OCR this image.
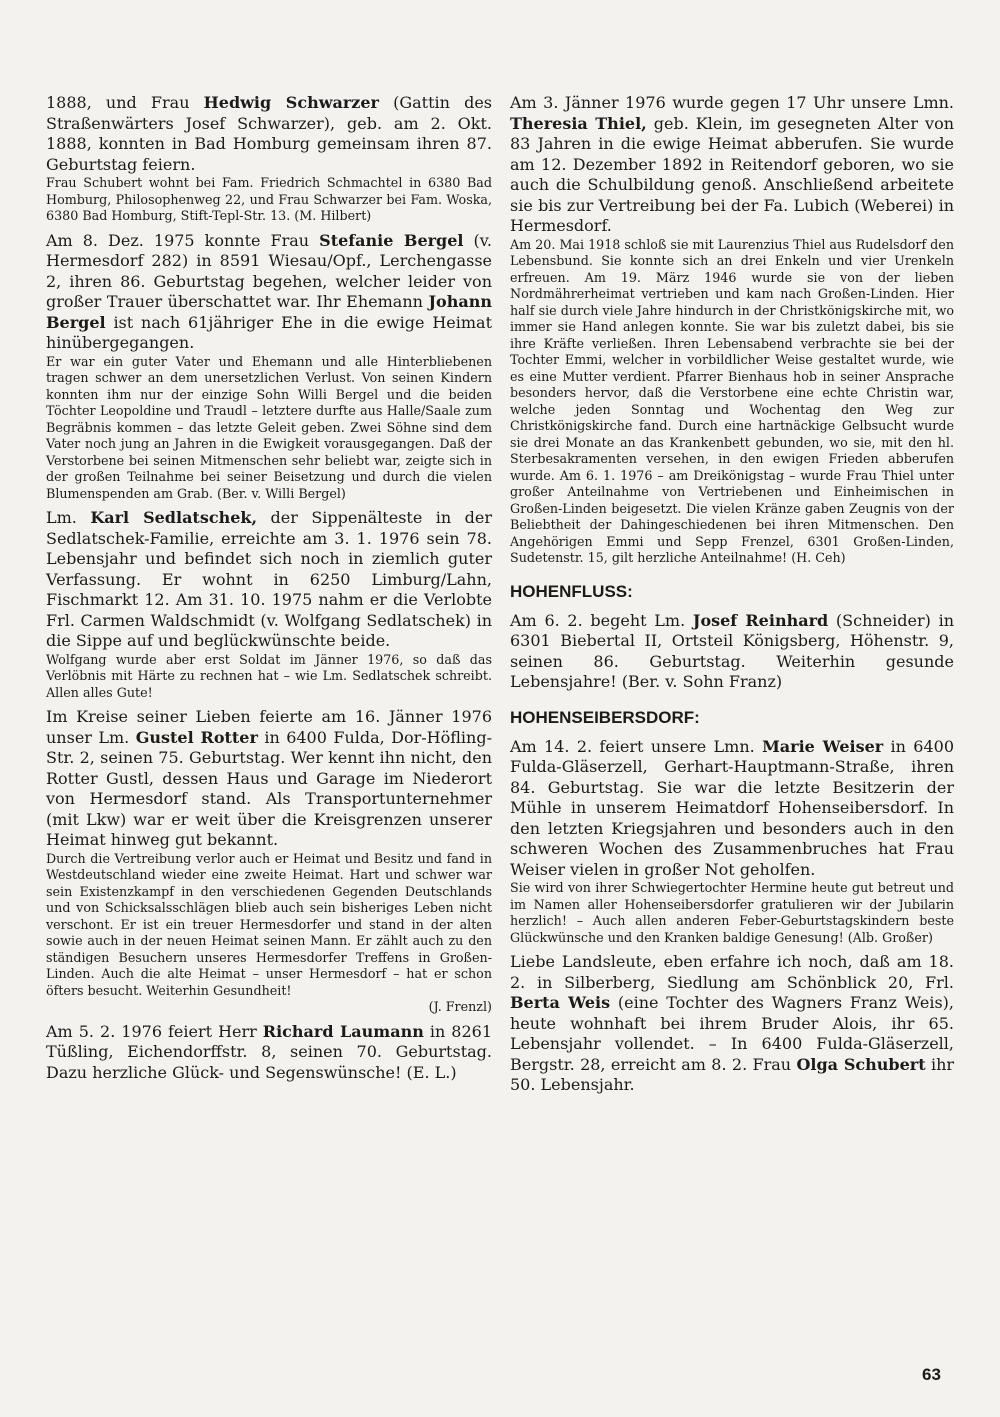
1888, und Frau Hedwig Schwarzer (Gattin des Straßenwärters Josef Schwarzer), geb. am 2. Okt. 1888, konnten in Bad Homburg gemeinsam ihren 87. Geburtstag feiern.

Frau Schubert wohnt bei Fam. Friedrich Schmachtel in 6380 Bad Homburg, Philosophenweg 22, und Frau Schwarzer bei Fam. Woska, 6380 Bad Homburg, Stift-Tepl-Str. 13. (M. Hilbert)

Am 8. Dez. 1975 konnte Frau Stefanie Bergel (v. Hermesdorf 282) in 8591 Wiesau/Opf., Lerchengasse 2, ihren 86. Geburtstag begehen, welcher leider von großer Trauer überschattet war. Ihr Ehemann Johann Bergel ist nach 61jähriger Ehe in die ewige Heimat hinübergegangen.

Er war ein guter Vater und Ehemann und alle Hinterbliebenen tragen schwer an dem unersetzlichen Verlust. Von seinen Kindern konnten ihm nur der einzige Sohn Willi Bergel und die beiden Töchter Leopoldine und Traudl – letztere durfte aus Halle/Saale zum Begräbnis kommen – das letzte Geleit geben. Zwei Söhne sind dem Vater noch jung an Jahren in die Ewigkeit vorausgegangen. Daß der Verstorbene bei seinen Mitmenschen sehr beliebt war, zeigte sich in der großen Teilnahme bei seiner Beisetzung und durch die vielen Blumenspenden am Grab. (Ber. v. Willi Bergel)

Lm. Karl Sedlatschek, der Sippenälteste in der Sedlatschek-Familie, erreichte am 3. 1. 1976 sein 78. Lebensjahr und befindet sich noch in ziemlich guter Verfassung. Er wohnt in 6250 Limburg/Lahn, Fischmarkt 12. Am 31. 10. 1975 nahm er die Verlobte Frl. Carmen Waldschmidt (v. Wolfgang Sedlatschek) in die Sippe auf und beglückwünschte beide.

Wolfgang wurde aber erst Soldat im Jänner 1976, so daß das Verlöbnis mit Härte zu rechnen hat – wie Lm. Sedlatschek schreibt. Allen alles Gute!

Im Kreise seiner Lieben feierte am 16. Jänner 1976 unser Lm. Gustel Rotter in 6400 Fulda, Dor-Höfling-Str. 2, seinen 75. Geburtstag. Wer kennt ihn nicht, den Rotter Gustl, dessen Haus und Garage im Niederort von Hermesdorf stand. Als Transportunternehmer (mit Lkw) war er weit über die Kreisgrenzen unserer Heimat hinweg gut bekannt.

Durch die Vertreibung verlor auch er Heimat und Besitz und fand in Westdeutschland wieder eine zweite Heimat. Hart und schwer war sein Existenzkampf in den verschiedenen Gegenden Deutschlands und von Schicksalsschlägen blieb auch sein bisheriges Leben nicht verschont. Er ist ein treuer Hermesdorfer und stand in der alten sowie auch in der neuen Heimat seinen Mann. Er zählt auch zu den ständigen Besuchern unseres Hermesdorfer Treffens in Großen-Linden. Auch die alte Heimat – unser Hermesdorf – hat er schon öfters besucht. Weiterhin Gesundheit!

(J. Frenzl)

Am 5. 2. 1976 feiert Herr Richard Laumann in 8261 Tüßling, Eichendorffstr. 8, seinen 70. Geburtstag. Dazu herzliche Glück- und Segenswünsche! (E. L.)

Am 3. Jänner 1976 wurde gegen 17 Uhr unsere Lmn. Theresia Thiel, geb. Klein, im gesegneten Alter von 83 Jahren in die ewige Heimat abberufen. Sie wurde am 12. Dezember 1892 in Reitendorf geboren, wo sie auch die Schulbildung genoß. Anschließend arbeitete sie bis zur Vertreibung bei der Fa. Lubich (Weberei) in Hermesdorf.

Am 20. Mai 1918 schloß sie mit Laurenzius Thiel aus Rudelsdorf den Lebensbund. Sie konnte sich an drei Enkeln und vier Urenkeln erfreuen. Am 19. März 1946 wurde sie von der lieben Nordmährerheimat vertrieben und kam nach Großen-Linden. Hier half sie durch viele Jahre hindurch in der Christkönigskirche mit, wo immer sie Hand anlegen konnte. Sie war bis zuletzt dabei, bis sie ihre Kräfte verließen. Ihren Lebensabend verbrachte sie bei der Tochter Emmi, welcher in vorbildlicher Weise gestaltet wurde, wie es eine Mutter verdient. Pfarrer Bienhaus hob in seiner Ansprache besonders hervor, daß die Verstorbene eine echte Christin war, welche jeden Sonntag und Wochentag den Weg zur Christkönigskirche fand. Durch eine hartnäckige Gelbsucht wurde sie drei Monate an das Krankenbett gebunden, wo sie, mit den hl. Sterbesakramenten versehen, in den ewigen Frieden abberufen wurde. Am 6. 1. 1976 – am Dreikönigstag – wurde Frau Thiel unter großer Anteilnahme von Vertriebenen und Einheimischen in Großen-Linden beigesetzt. Die vielen Kränze gaben Zeugnis von der Beliebtheit der Dahingeschiedenen bei ihren Mitmenschen. Den Angehörigen Emmi und Sepp Frenzel, 6301 Großen-Linden, Sudetenstr. 15, gilt herzliche Anteilnahme! (H. Ceh)

HOHENFLUSS:

Am 6. 2. begeht Lm. Josef Reinhard (Schneider) in 6301 Biebertal II, Ortsteil Königsberg, Höhenstr. 9, seinen 86. Geburtstag. Weiterhin gesunde Lebensjahre! (Ber. v. Sohn Franz)

HOHENSEIBERSDORF:

Am 14. 2. feiert unsere Lmn. Marie Weiser in 6400 Fulda-Gläserzell, Gerhart-Hauptmann-Straße, ihren 84. Geburtstag. Sie war die letzte Besitzerin der Mühle in unserem Heimatdorf Hohenseibersdorf. In den letzten Kriegsjahren und besonders auch in den schweren Wochen des Zusammenbruches hat Frau Weiser vielen in großer Not geholfen.

Sie wird von ihrer Schwiegertochter Hermine heute gut betreut und im Namen aller Hohenseibersdorfer gratulieren wir der Jubilarin herzlich! – Auch allen anderen Feber-Geburtstagskindern beste Glückwünsche und den Kranken baldige Genesung! (Alb. Großer)

Liebe Landsleute, eben erfahre ich noch, daß am 18. 2. in Silberberg, Siedlung am Schönblick 20, Frl. Berta Weis (eine Tochter des Wagners Franz Weis), heute wohnhaft bei ihrem Bruder Alois, ihr 65. Lebensjahr vollendet. – In 6400 Fulda-Gläserzell, Bergstr. 28, erreicht am 8. 2. Frau Olga Schubert ihr 50. Lebensjahr.

63
